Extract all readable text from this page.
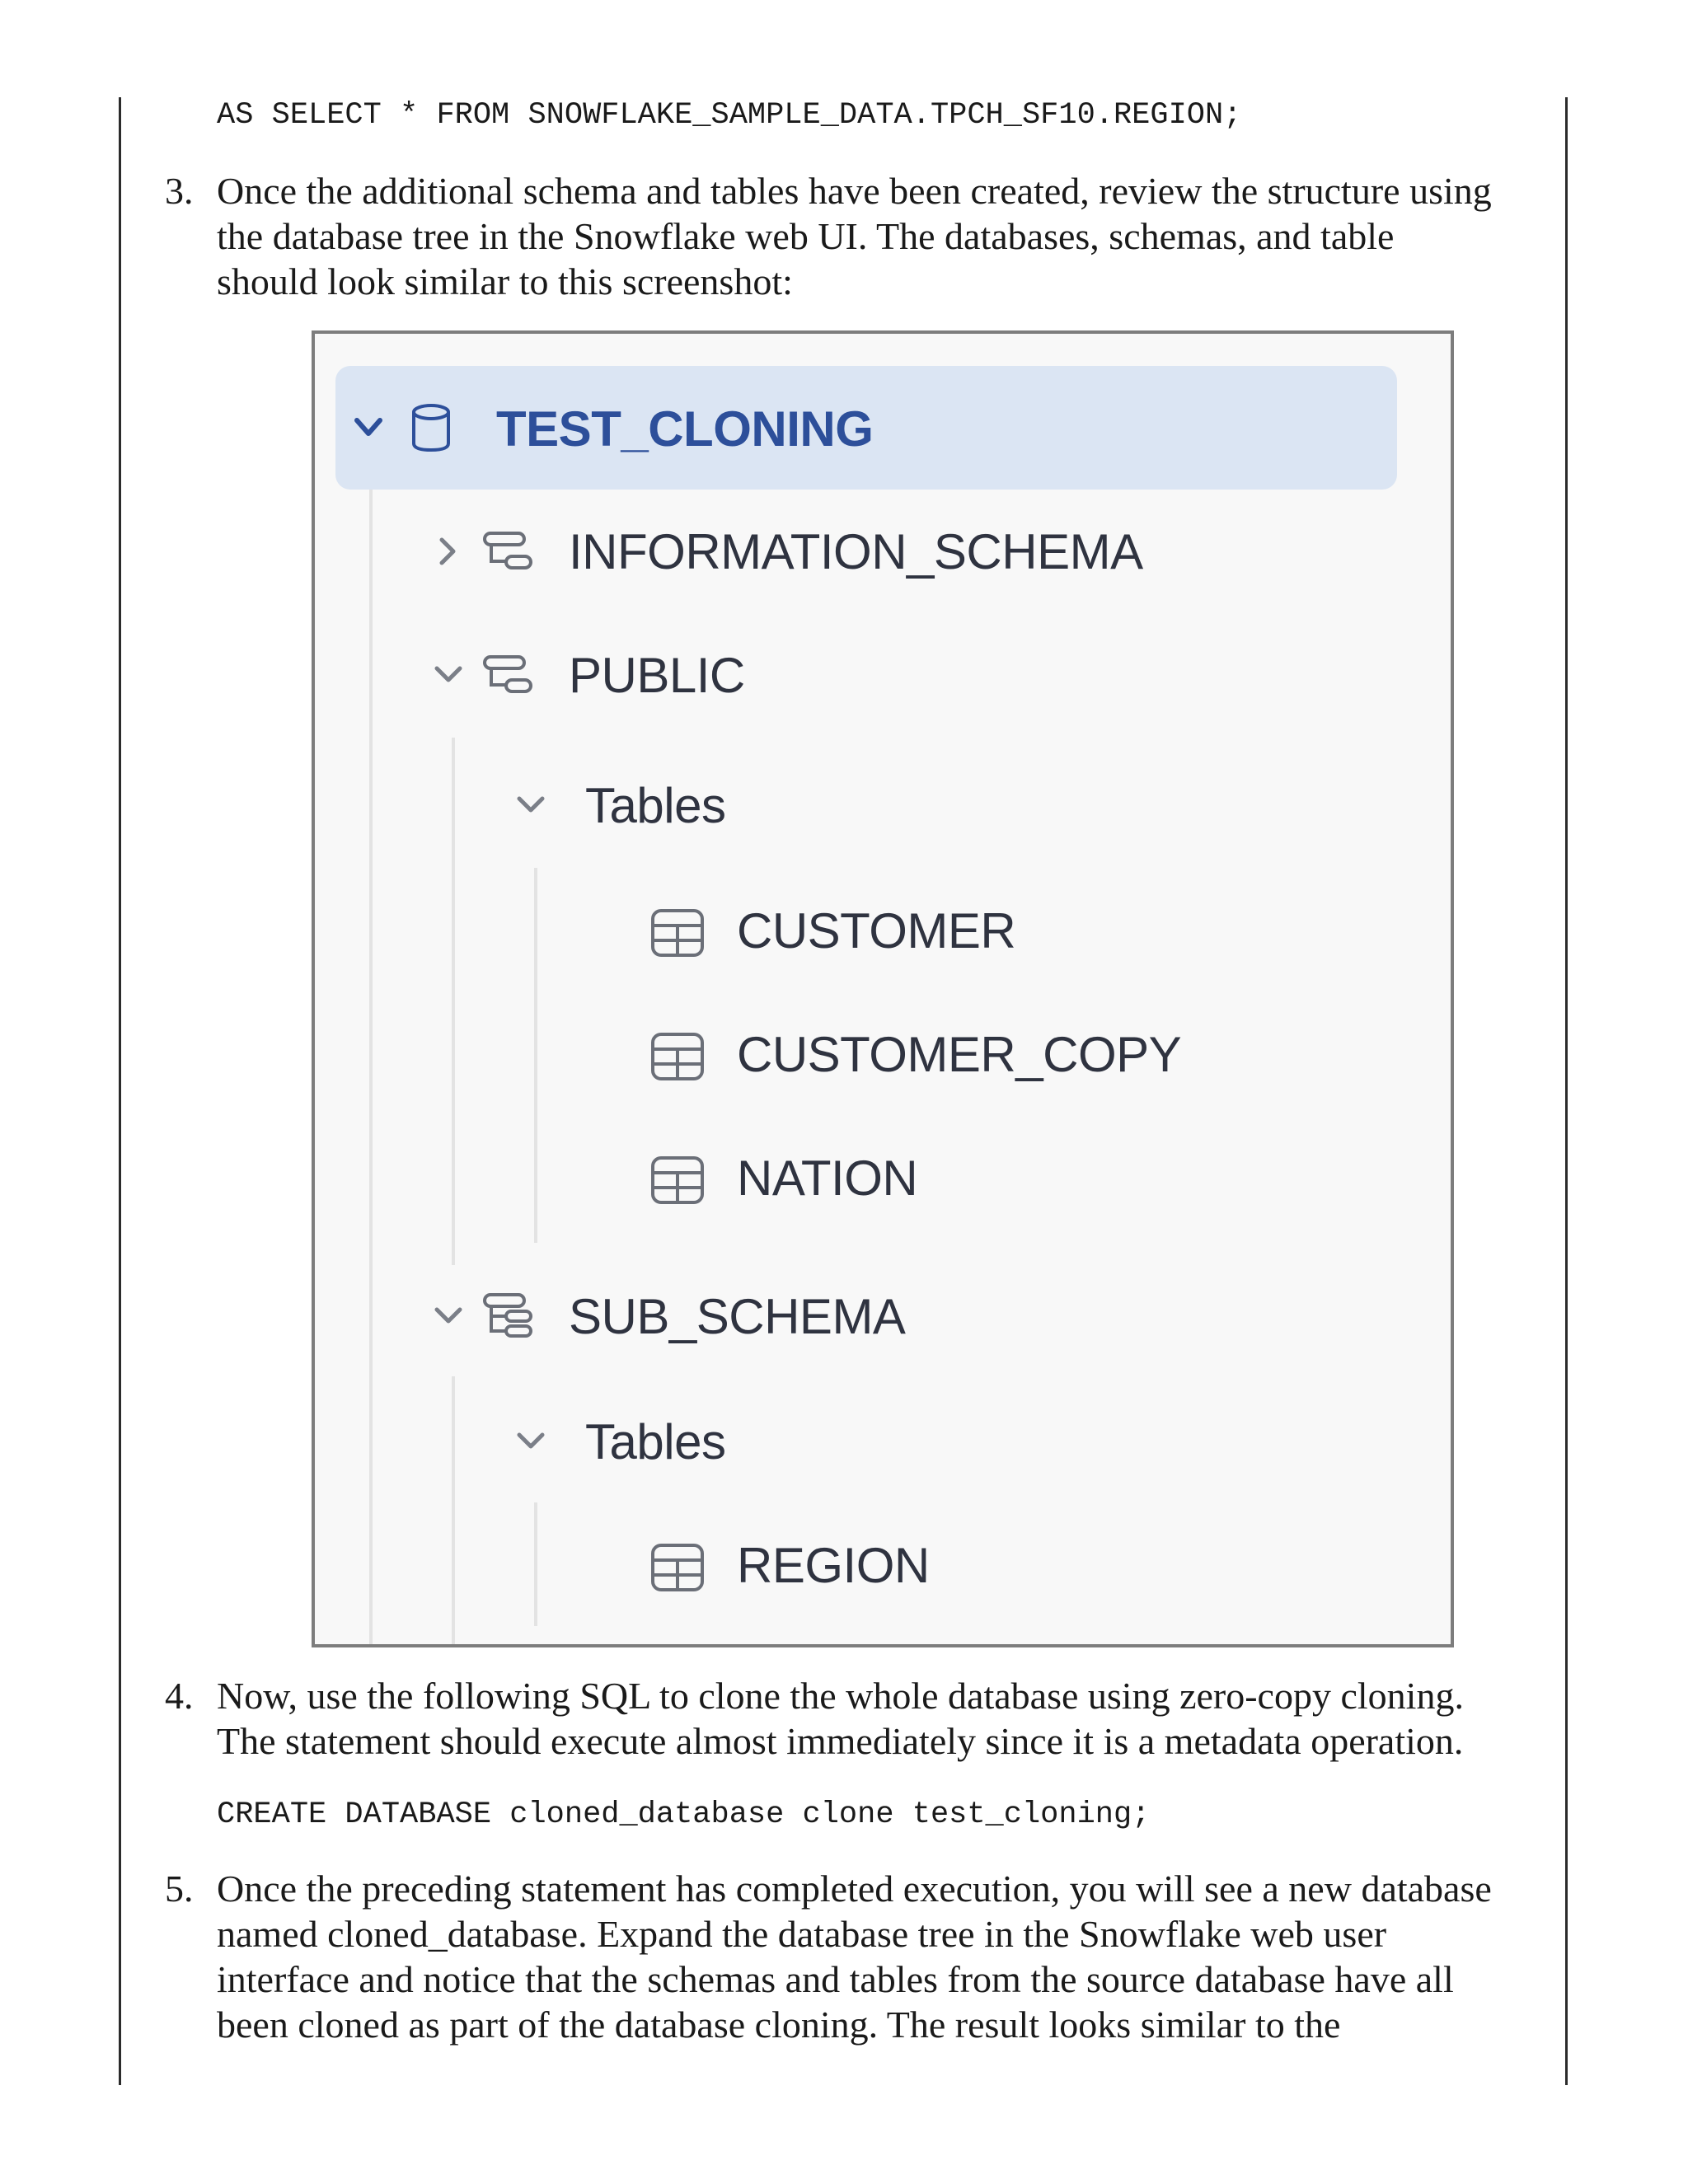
AS SELECT * FROM SNOWFLAKE_SAMPLE_DATA.TPCH_SF10.REGION;
3. Once the additional schema and tables have been created, review the structure using
the database tree in the Snowflake web UI. The databases, schemas, and table
should look similar to this screenshot:
TEST_CLONING
INFORMATION_SCHEMA
PUBLIC
Tables
CUSTOMER
CUSTOMER_COPY
NATION
SUB_SCHEMA
Tables
REGION
4. Now, use the following SQL to clone the whole database using zero-copy cloning.
The statement should execute almost immediately since it is a metadata operation.
CREATE DATABASE cloned_database clone test_cloning;
5. Once the preceding statement has completed execution, you will see a new database
named cloned_database. Expand the database tree in the Snowflake web user
interface and notice that the schemas and tables from the source database have all
been cloned as part of the database cloning. The result looks similar to the
